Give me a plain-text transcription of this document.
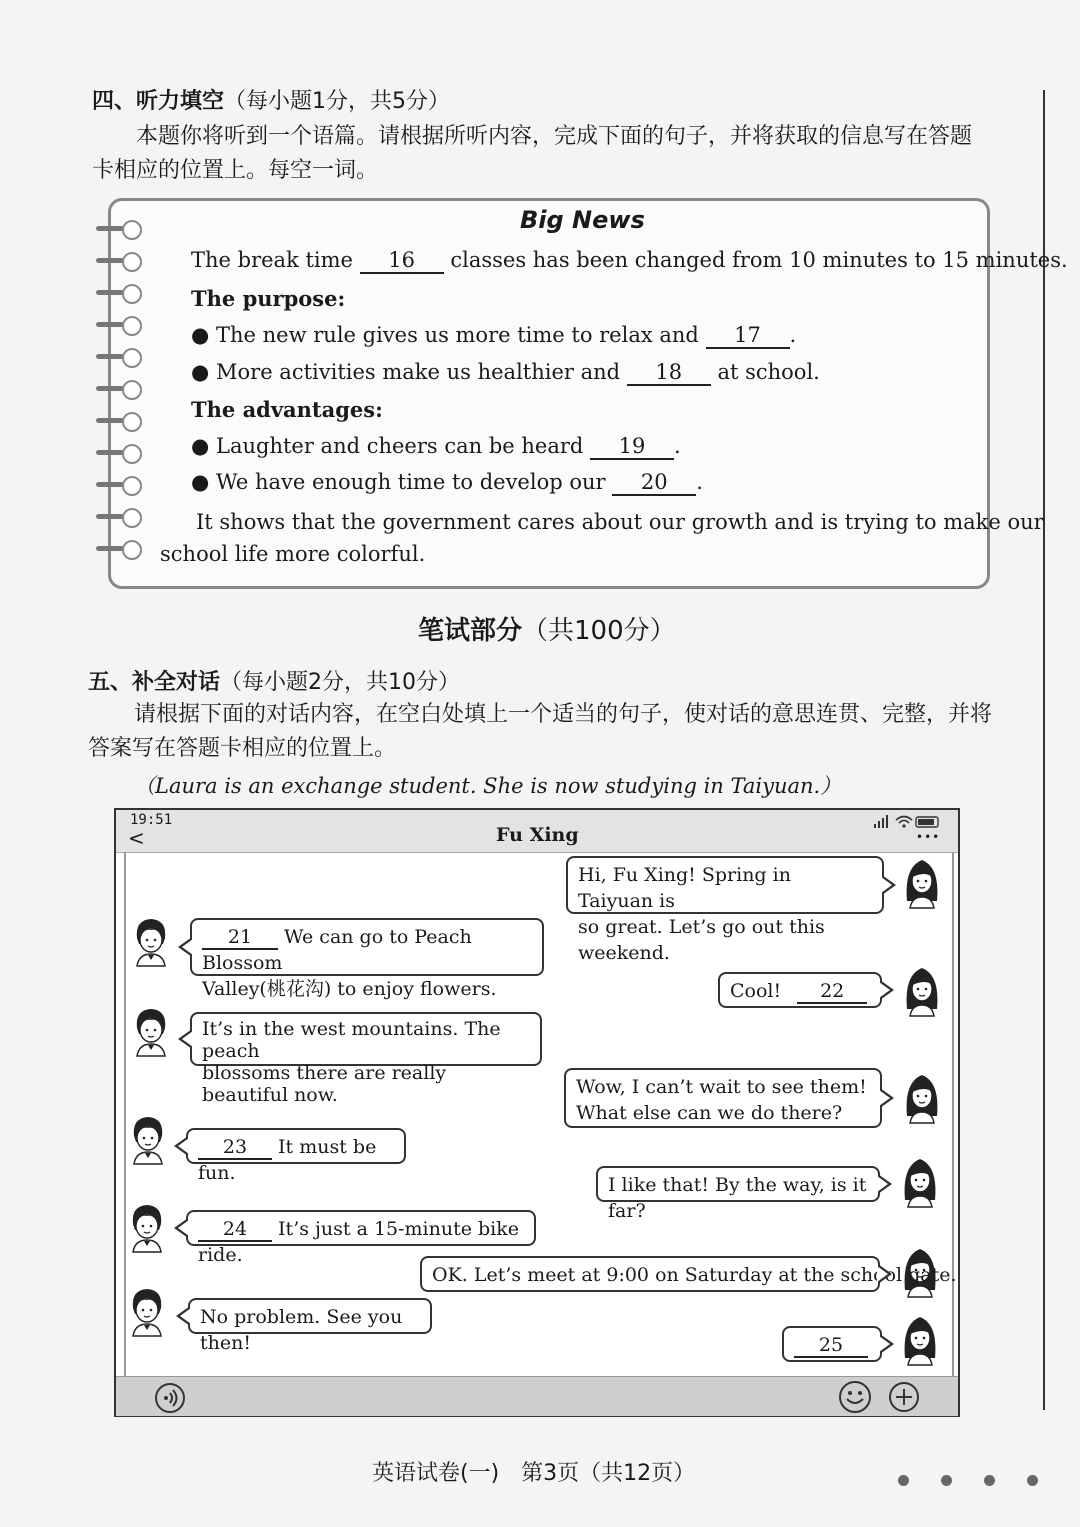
四、听力填空（每小题1分，共5分）
本题你将听到一个语篇。请根据所听内容，完成下面的句子，并将获取的信息写在答题
卡相应的位置上。每空一词。
Big News
The break time 16 classes has been changed from 10 minutes to 15 minutes.
The purpose:
● The new rule gives us more time to relax and 17 .
● More activities make us healthier and 18 at school.
The advantages:
● Laughter and cheers can be heard 19 .
● We have enough time to develop our 20 .
It shows that the government cares about our growth and is trying to make our
school life more colorful.
笔试部分（共100分）
五、补全对话（每小题2分，共10分）
请根据下面的对话内容，在空白处填上一个适当的句子，使对话的意思连贯、完整，并将
答案写在答题卡相应的位置上。
（Laura is an exchange student. She is now studying in Taiyuan.）
19:51
<	Fu Xing	•••
Hi, Fu Xing! Spring in Taiyuan is
so great. Let’s go out this weekend.
21 We can go to Peach Blossom
Valley(桃花沟) to enjoy flowers.	Cool! 22
It’s in the west mountains. The peach
blossoms there are really beautiful now.	Wow, I can’t wait to see them!
What else can we do there?
23 It must be fun.
I like that! By the way, is it far?
24 It’s just a 15-minute bike ride.
OK. Let’s meet at 9:00 on Saturday at the school gate.
No problem. See you then!	25
英语试卷(一)　第3页（共12页）
